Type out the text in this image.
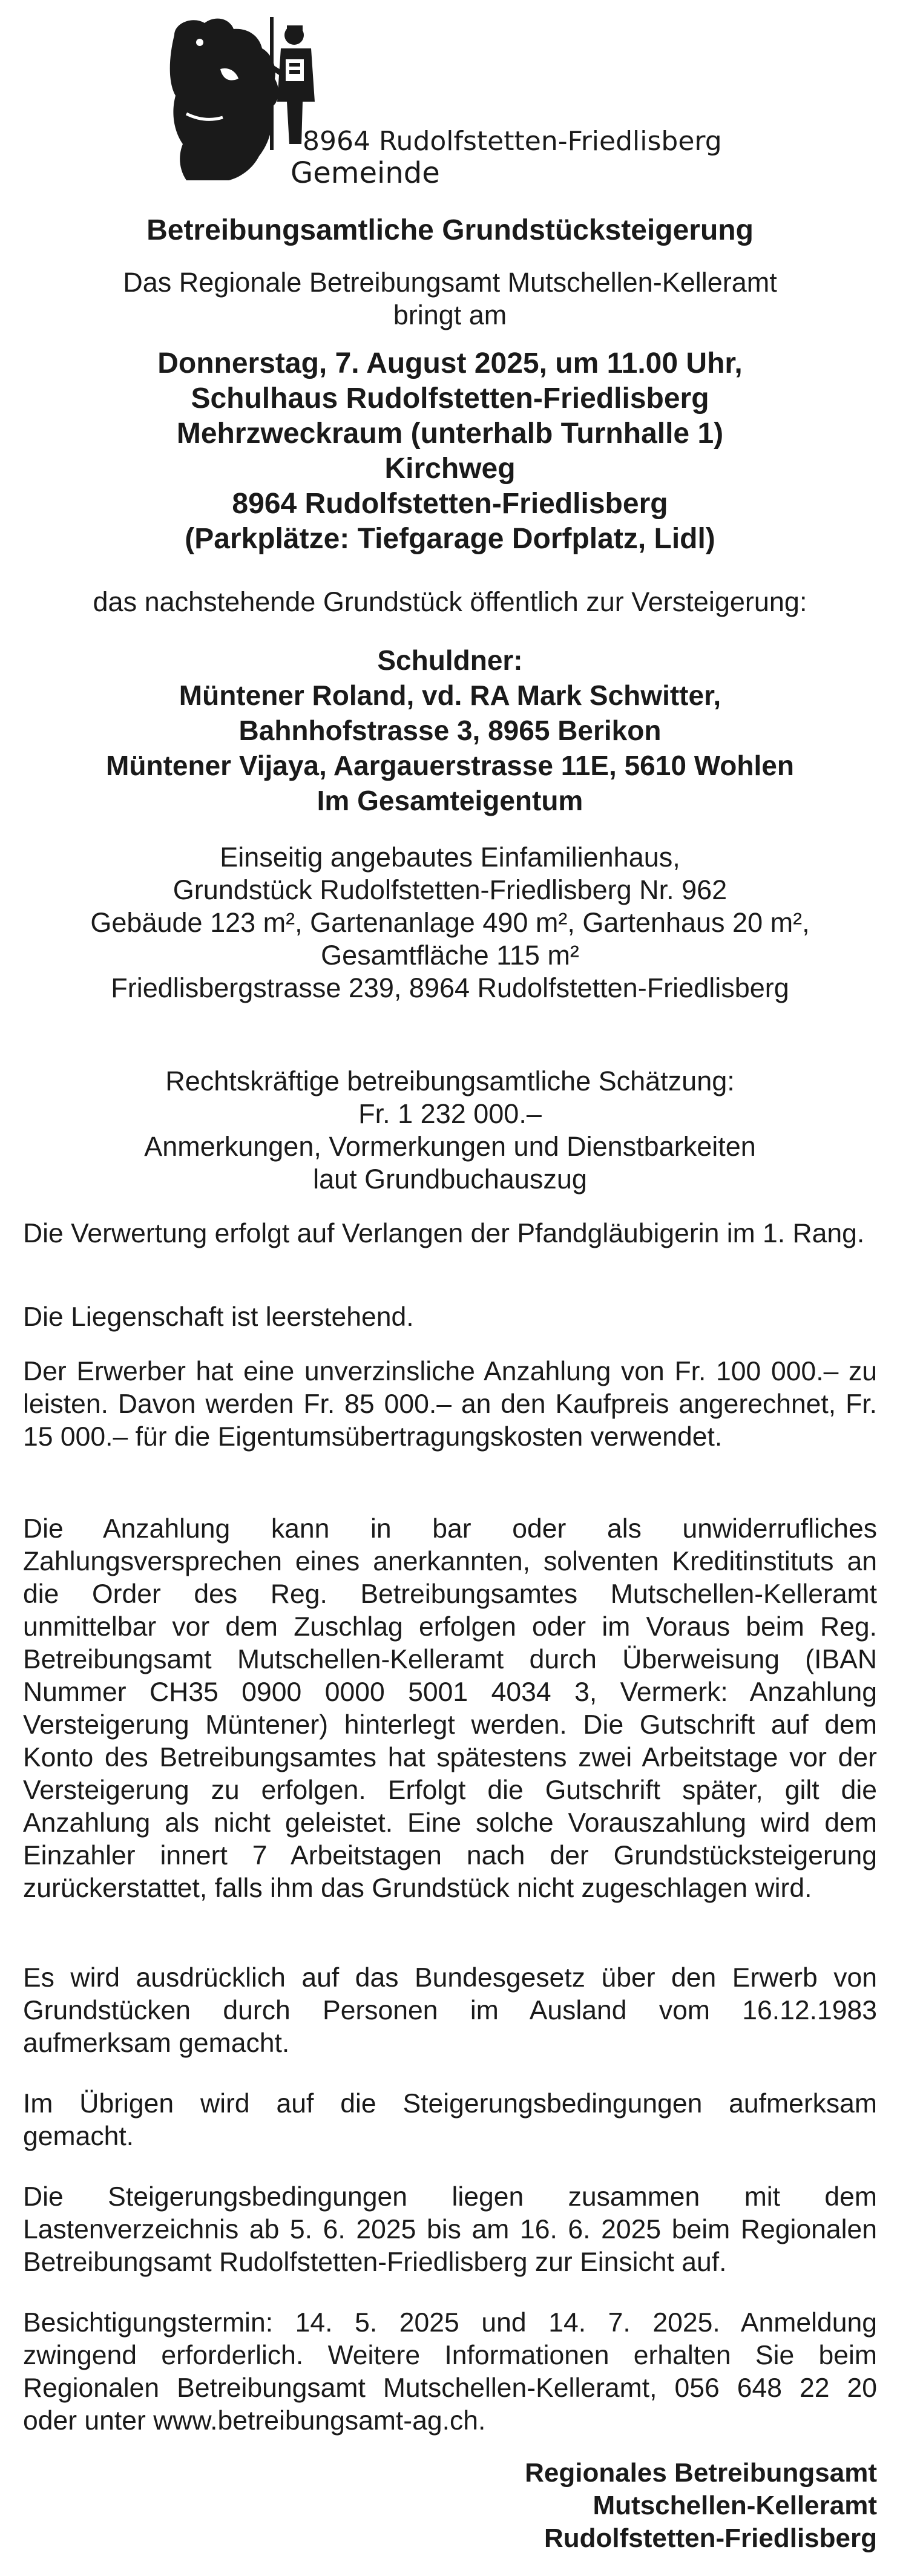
8964 Rudolfstetten-Friedlisberg
Gemeinde
Betreibungsamtliche Grundstücksteigerung
Das Regionale Betreibungsamt Mutschellen-Kelleramt
bringt am
Donnerstag, 7. August 2025, um 11.00 Uhr,
Schulhaus Rudolfstetten-Friedlisberg
Mehrzweckraum (unterhalb Turnhalle 1)
Kirchweg
8964 Rudolfstetten-Friedlisberg
(Parkplätze: Tiefgarage Dorfplatz, Lidl)
das nachstehende Grundstück öffentlich zur Versteigerung:
Schuldner:
Müntener Roland, vd. RA Mark Schwitter,
Bahnhofstrasse 3, 8965 Berikon
Müntener Vijaya, Aargauerstrasse 11E, 5610 Wohlen
Im Gesamteigentum
Einseitig angebautes Einfamilienhaus,
Grundstück Rudolfstetten-Friedlisberg Nr. 962
Gebäude 123 m², Gartenanlage 490 m², Gartenhaus 20 m²,
Gesamtfläche 115 m²
Friedlisbergstrasse 239, 8964 Rudolfstetten-Friedlisberg
Rechtskräftige betreibungsamtliche Schätzung:
Fr. 1 232 000.–
Anmerkungen, Vormerkungen und Dienstbarkeiten
laut Grundbuchauszug
Die Verwertung erfolgt auf Verlangen der Pfandgläubigerin im 1. Rang.
Die Liegenschaft ist leerstehend.
Der Erwerber hat eine unverzinsliche Anzahlung von Fr. 100 000.– zu leisten. Davon werden Fr. 85 000.– an den Kaufpreis angerechnet, Fr. 15 000.– für die Eigentumsübertragungskosten verwendet.
Die Anzahlung kann in bar oder als unwiderrufliches Zahlungsversprechen eines anerkannten, solventen Kreditinstituts an die Order des Reg. Betreibungsamtes Mutschellen-Kelleramt unmittelbar vor dem Zuschlag erfolgen oder im Voraus beim Reg. Betreibungsamt Mutschellen-Kelleramt durch Überweisung (IBAN Nummer CH35 0900 0000 5001 4034 3, Vermerk: Anzahlung Versteigerung Müntener) hinterlegt werden. Die Gutschrift auf dem Konto des Betreibungsamtes hat spätestens zwei Arbeitstage vor der Versteigerung zu erfolgen. Erfolgt die Gutschrift später, gilt die Anzahlung als nicht geleistet. Eine solche Vorauszahlung wird dem Einzahler innert 7 Arbeitstagen nach der Grundstücksteigerung zurückerstattet, falls ihm das Grundstück nicht zugeschlagen wird.
Es wird ausdrücklich auf das Bundesgesetz über den Erwerb von Grundstücken durch Personen im Ausland vom 16.12.1983 aufmerksam gemacht.
Im Übrigen wird auf die Steigerungsbedingungen aufmerksam gemacht.
Die Steigerungsbedingungen liegen zusammen mit dem Lastenverzeichnis ab 5. 6. 2025 bis am 16. 6. 2025 beim Regionalen Betreibungsamt Rudolfstetten-Friedlisberg zur Einsicht auf.
Besichtigungstermin: 14. 5. 2025 und 14. 7. 2025. Anmeldung zwingend erforderlich. Weitere Informationen erhalten Sie beim Regionalen Betreibungsamt Mutschellen-Kelleramt, 056 648 22 20 oder unter www.betreibungsamt-ag.ch.
Regionales Betreibungsamt
Mutschellen-Kelleramt
Rudolfstetten-Friedlisberg
